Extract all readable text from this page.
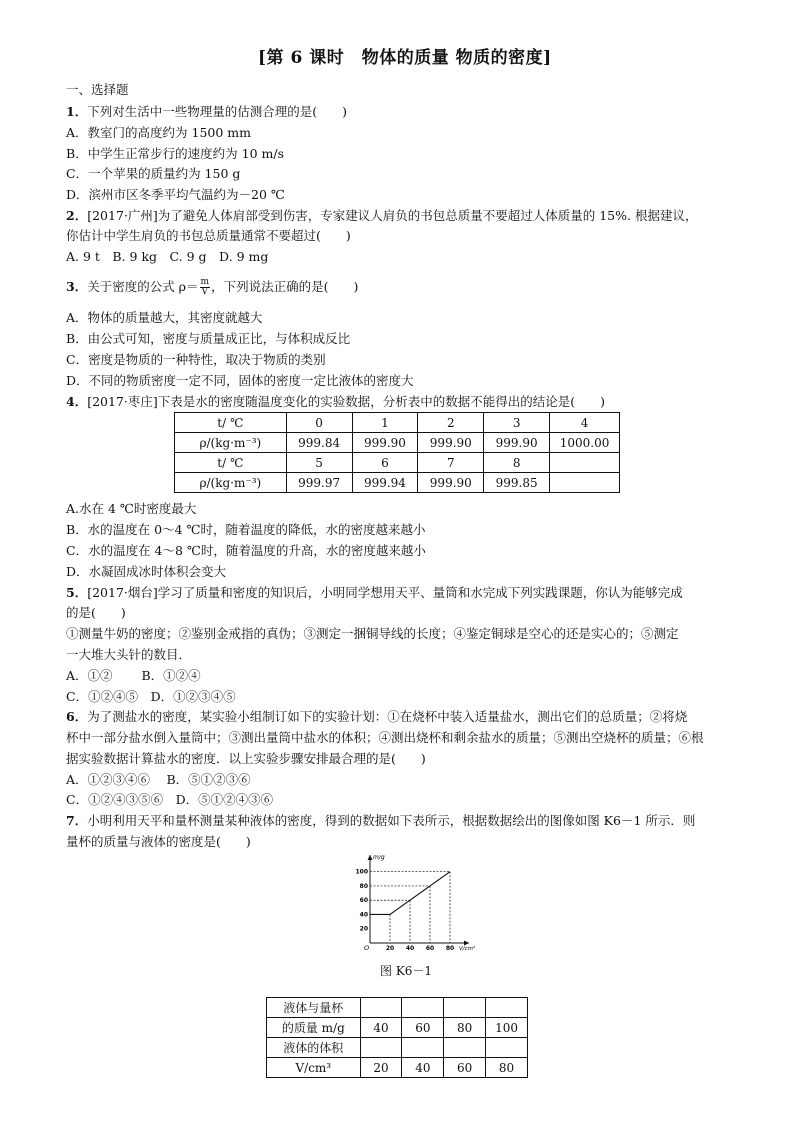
[第 6 课时　物体的质量 物质的密度]
一、选择题
1．下列对生活中一些物理量的估测合理的是(　　)
A．教室门的高度约为 1500 mm
B．中学生正常步行的速度约为 10 m/s
C．一个苹果的质量约为 150 g
D．滨州市区冬季平均气温约为－20 ℃
2．[2017·广州]为了避免人体肩部受到伤害，专家建议人肩负的书包总质量不要超过人体质量的 15%. 根据建议，
你估计中学生肩负的书包总质量通常不要超过(　　)
A. 9 t　B. 9 kg　C. 9 g　D. 9 mg
3．关于密度的公式 $\rho= \frac{m}{V}$ ，下列说法正确的是(　　)
A．物体的质量越大，其密度就越大
B．由公式可知，密度与质量成正比，与体积成反比
C．密度是物质的一种特性，取决于物质的类别
D．不同的物质密度一定不同，固体的密度一定比液体的密度大
4．[2017·枣庄]下表是水的密度随温度变化的实验数据，分析表中的数据不能得出的结论是(　　)
t/ ℃	0	1	2	3	4
ρ/(kg·m⁻³)	999.84	999.90	999.90	999.90	1000.00
t/ ℃	5	6	7	8	
ρ/(kg·m⁻³)	999.97	999.94	999.90	999.85	
A.水在 4 ℃时密度最大
B．水的温度在 0～4 ℃时，随着温度的降低，水的密度越来越小
C．水的温度在 4～8 ℃时，随着温度的升高，水的密度越来越小
D．水凝固成冰时体积会变大
5．[2017·烟台]学习了质量和密度的知识后，小明同学想用天平、量筒和水完成下列实践课题，你认为能够完成
的是(　　)
①测量牛奶的密度；②鉴别金戒指的真伪；③测定一捆铜导线的长度；④鉴定铜球是空心的还是实心的；⑤测定
一大堆大头针的数目．
A．①②　　 B．①②④
C．①②④⑤　D．①②③④⑤
6．为了测盐水的密度，某实验小组制订如下的实验计划：①在烧杯中装入适量盐水，测出它们的总质量；②将烧
杯中一部分盐水倒入量筒中；③测出量筒中盐水的体积；④测出烧杯和剩余盐水的质量；⑤测出空烧杯的质量；⑥根
据实验数据计算盐水的密度．以上实验步骤安排最合理的是(　　)
A．①②③④⑥　 B．⑤①②③⑥
C．①②④③⑤⑥　D．⑤①②④③⑥
7．小明利用天平和量杯测量某种液体的密度，得到的数据如下表所示，根据数据绘出的图像如图 K6－1 所示．则
量杯的质量与液体的密度是(　　)
m/g
V/cm³
O
20
40
60
80
100
20 40 60 80
图 K6－1
液体与量杯				
的质量 m/g	40	60	80	100
液体的体积				
V/cm³	20	40	60	80
